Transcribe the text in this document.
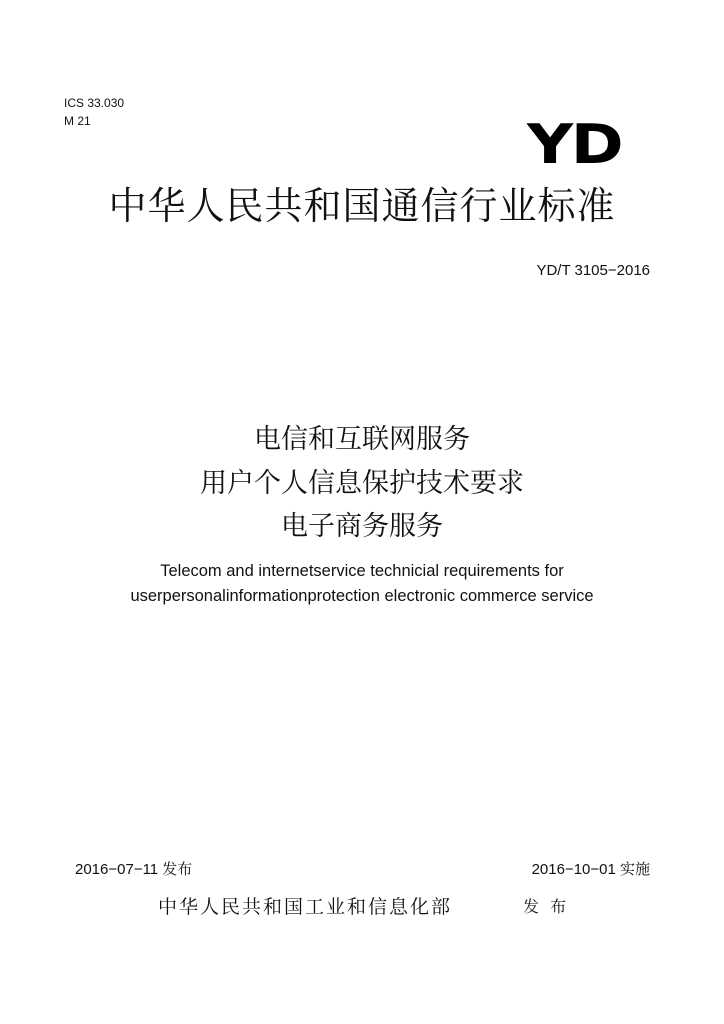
ICS 33.030
M 21	YD
中华人民共和国通信行业标准
YD/T 3105−2016
电信和互联网服务
用户个人信息保护技术要求
电子商务服务
Telecom and internetservice technicial requirements for
userpersonalinformationprotection electronic commerce service
2016−07−11 发布	2016−10−01 实施
中华人民共和国工业和信息化部	发 布
